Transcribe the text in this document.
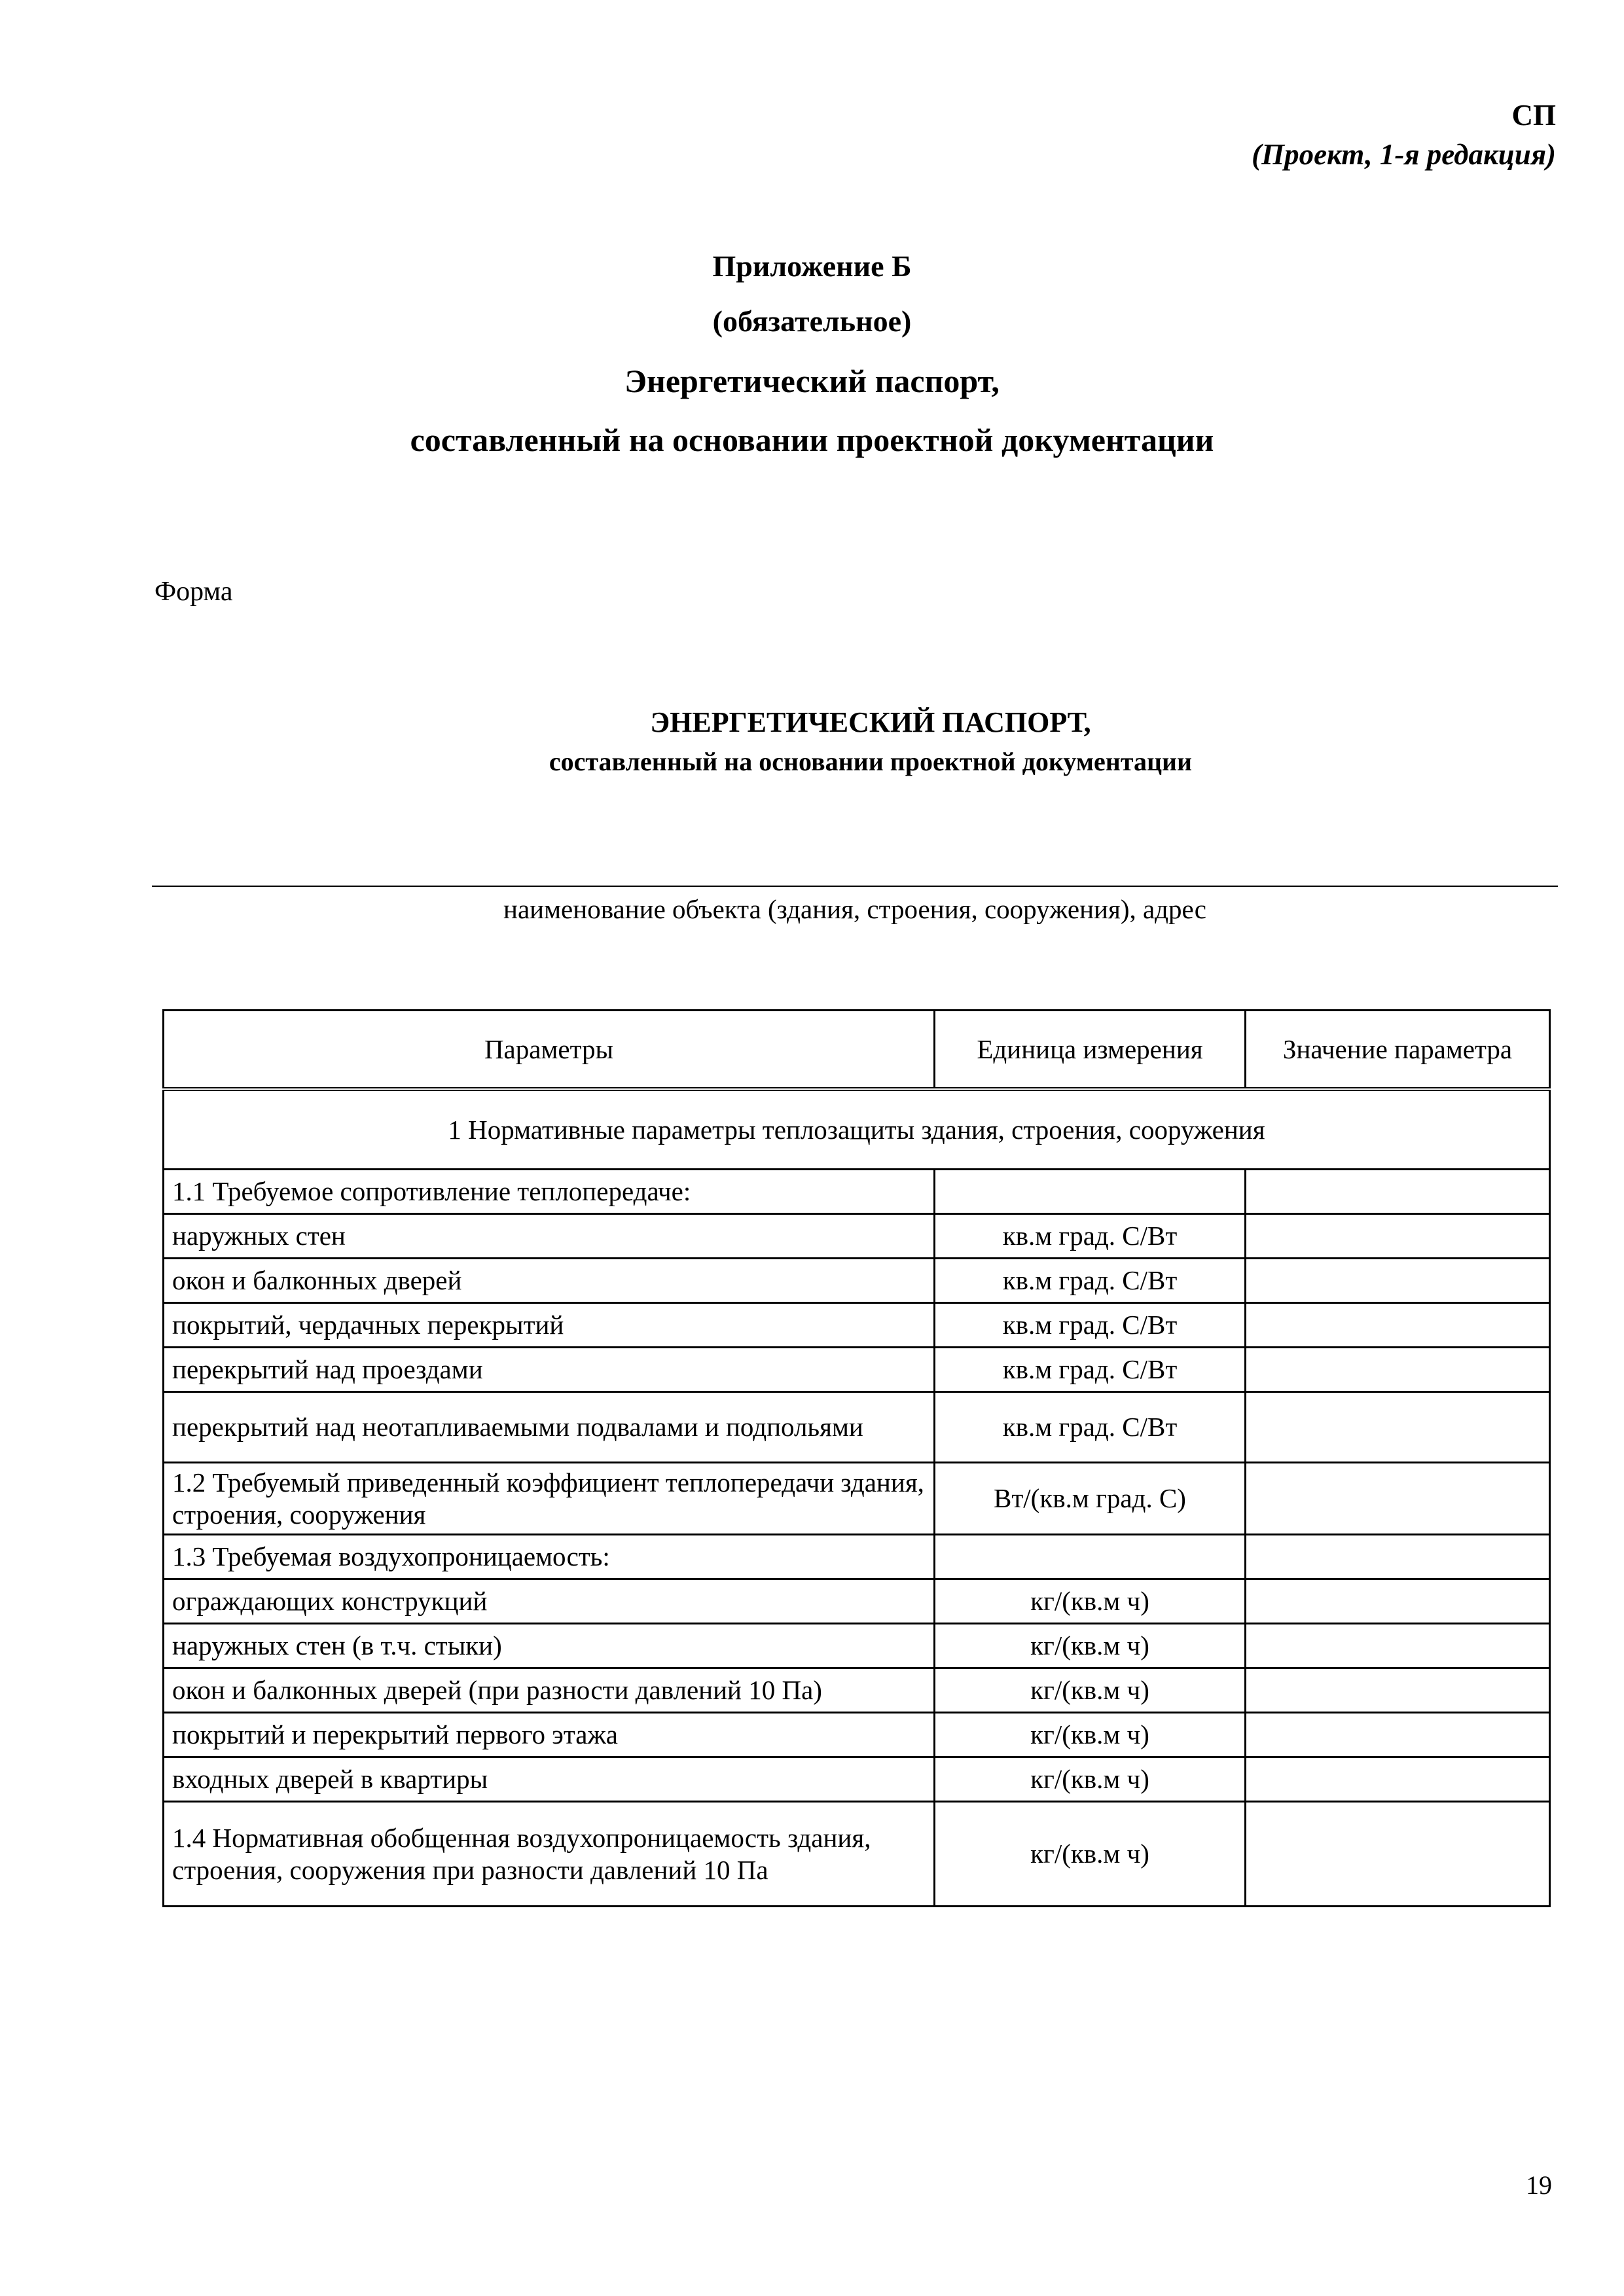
СП
(Проект, 1-я редакция)
Приложение Б
(обязательное)
Энергетический паспорт,
составленный на основании проектной документации
Форма
ЭНЕРГЕТИЧЕСКИЙ ПАСПОРТ,
составленный на основании проектной документации
наименование объекта (здания, строения, сооружения), адрес
Параметры	Единица измерения	Значение параметра
1 Нормативные параметры теплозащиты здания, строения, сооружения		
1.1 Требуемое сопротивление теплопередаче:		
наружных стен	кв.м град. С/Вт	
окон и балконных дверей	кв.м град. С/Вт	
покрытий, чердачных перекрытий	кв.м град. С/Вт	
перекрытий над проездами	кв.м град. С/Вт	
перекрытий над неотапливаемыми подвалами и подпольями	кв.м град. С/Вт	
1.2 Требуемый приведенный коэффициент теплопередачи здания, строения, сооружения	Вт/(кв.м град. С)	
1.3 Требуемая воздухопроницаемость:		
ограждающих конструкций	кг/(кв.м ч)	
наружных стен (в т.ч. стыки)	кг/(кв.м ч)	
окон и балконных дверей (при разности давлений 10 Па)	кг/(кв.м ч)	
покрытий и перекрытий первого этажа	кг/(кв.м ч)	
входных дверей в квартиры	кг/(кв.м ч)	
1.4 Нормативная обобщенная воздухопроницаемость здания, строения, сооружения при разности давлений 10 Па	кг/(кв.м ч)	
19
